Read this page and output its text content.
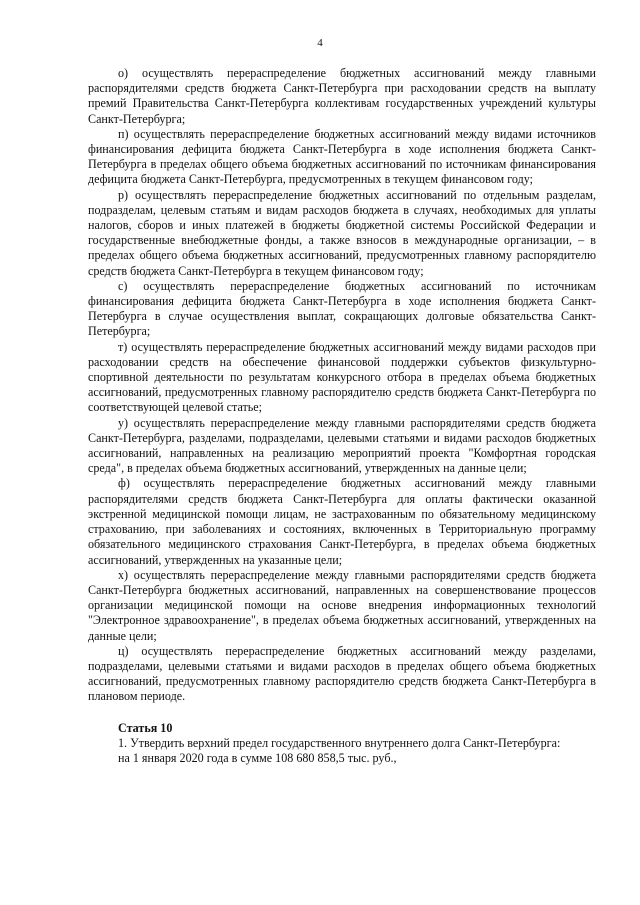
4

о) осуществлять перераспределение бюджетных ассигнований между главными распорядителями средств бюджета Санкт-Петербурга при расходовании средств на выплату премий Правительства Санкт-Петербурга коллективам государственных учреждений культуры Санкт-Петербурга;

п) осуществлять перераспределение бюджетных ассигнований между видами источников финансирования дефицита бюджета Санкт-Петербурга в ходе исполнения бюджета Санкт-Петербурга в пределах общего объема бюджетных ассигнований по источникам финансирования дефицита бюджета Санкт-Петербурга, предусмотренных в текущем финансовом году;

р) осуществлять перераспределение бюджетных ассигнований по отдельным разделам, подразделам, целевым статьям и видам расходов бюджета в случаях, необходимых для уплаты налогов, сборов и иных платежей в бюджеты бюджетной системы Российской Федерации и государственные внебюджетные фонды, а также взносов в международные организации, – в пределах общего объема бюджетных ассигнований, предусмотренных главному распорядителю средств бюджета Санкт-Петербурга в текущем финансовом году;

с) осуществлять перераспределение бюджетных ассигнований по источникам финансирования дефицита бюджета Санкт-Петербурга в ходе исполнения бюджета Санкт-Петербурга в случае осуществления выплат, сокращающих долговые обязательства Санкт-Петербурга;

т) осуществлять перераспределение бюджетных ассигнований между видами расходов при расходовании средств на обеспечение финансовой поддержки субъектов физкультурно-спортивной деятельности по результатам конкурсного отбора в пределах объема бюджетных ассигнований, предусмотренных главному распорядителю средств бюджета Санкт-Петербурга по соответствующей целевой статье;

у) осуществлять перераспределение между главными распорядителями средств бюджета Санкт-Петербурга, разделами, подразделами, целевыми статьями и видами расходов бюджетных ассигнований, направленных на реализацию мероприятий проекта "Комфортная городская среда", в пределах объема бюджетных ассигнований, утвержденных на данные цели;

ф) осуществлять перераспределение бюджетных ассигнований между главными распорядителями средств бюджета Санкт-Петербурга для оплаты фактически оказанной экстренной медицинской помощи лицам, не застрахованным по обязательному медицинскому страхованию, при заболеваниях и состояниях, включенных в Территориальную программу обязательного медицинского страхования Санкт-Петербурга, в пределах объема бюджетных ассигнований, утвержденных на указанные цели;

х) осуществлять перераспределение между главными распорядителями средств бюджета Санкт-Петербурга бюджетных ассигнований, направленных на совершенствование процессов организации медицинской помощи на основе внедрения информационных технологий "Электронное здравоохранение", в пределах объема бюджетных ассигнований, утвержденных на данные цели;

ц) осуществлять перераспределение бюджетных ассигнований между разделами, подразделами, целевыми статьями и видами расходов в пределах общего объема бюджетных ассигнований, предусмотренных главному распорядителю средств бюджета Санкт-Петербурга в плановом периоде.

Статья 10

1. Утвердить верхний предел государственного внутреннего долга Санкт-Петербурга:

на 1 января 2020 года в сумме 108 680 858,5 тыс. руб.,
